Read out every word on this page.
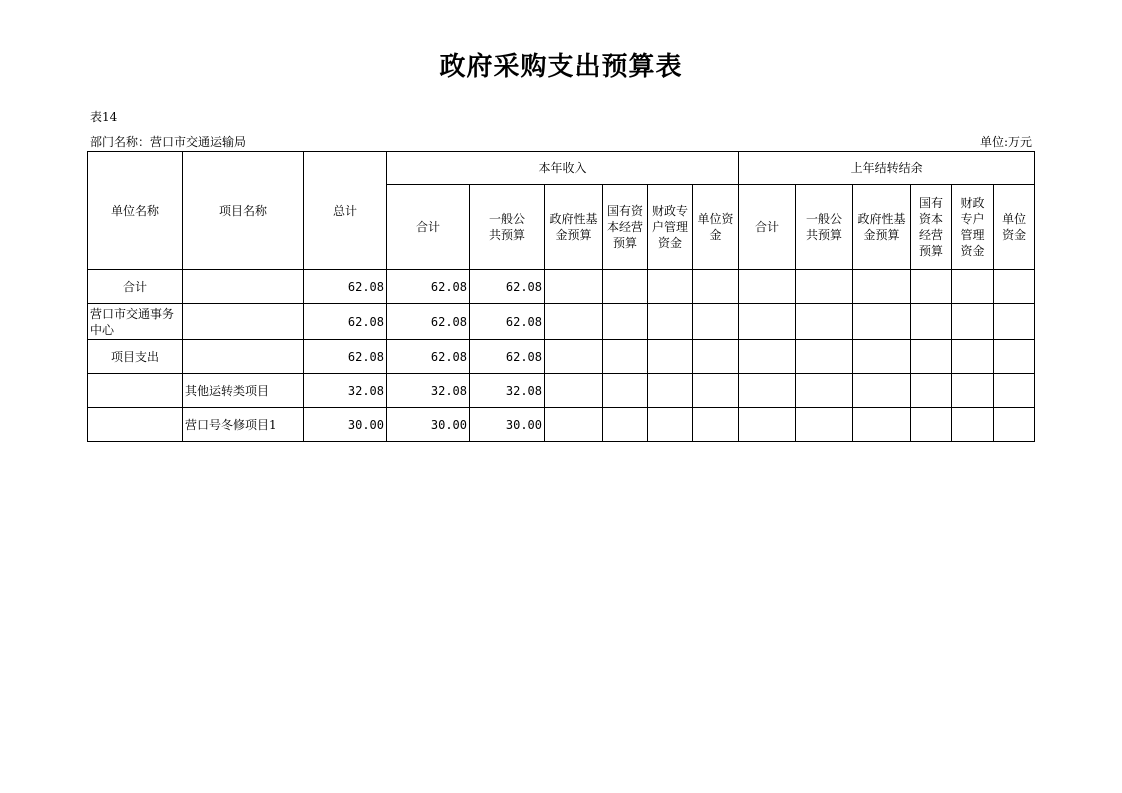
政府采购支出预算表
表14
部门名称：营口市交通运输局	单位:万元
单位名称	项目名称	总计	本年收入						上年结转结余					
			合计	一般公共预算	政府性基金预算	国有资本经营预算	财政专户管理资金	单位资金	合计	一般公共预算	政府性基金预算	国有资本经营预算	财政专户管理资金	单位资金
合计		62.08	62.08	62.08										
营口市交通事务中心		62.08	62.08	62.08										
项目支出		62.08	62.08	62.08										
	其他运转类项目	32.08	32.08	32.08										
	营口号冬修项目1	30.00	30.00	30.00										
